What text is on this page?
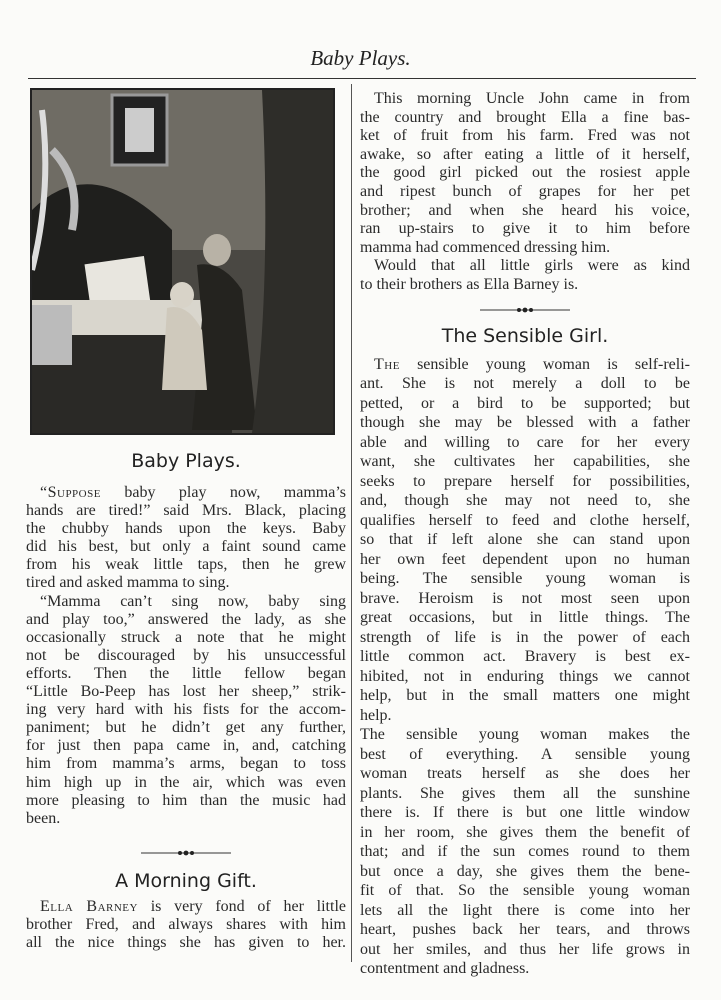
Baby Plays.
Baby Plays.
“Suppose baby play now, mamma’s
hands are tired!” said Mrs. Black, placing
the chubby hands upon the keys. Baby
did his best, but only a faint sound came
from his weak little taps, then he grew
tired and asked mamma to sing.
“Mamma can’t sing now, baby sing
and play too,” answered the lady, as she
occasionally struck a note that he might
not be discouraged by his unsuccessful
efforts. Then the little fellow began
“Little Bo-Peep has lost her sheep,” strik-
ing very hard with his fists for the accom-
paniment; but he didn’t get any further,
for just then papa came in, and, catching
him from mamma’s arms, began to toss
him high up in the air, which was even
more pleasing to him than the music had
been.
A Morning Gift.
Ella Barney is very fond of her little
brother Fred, and always shares with him
all the nice things she has given to her.
This morning Uncle John came in from
the country and brought Ella a fine bas-
ket of fruit from his farm. Fred was not
awake, so after eating a little of it herself,
the good girl picked out the rosiest apple
and ripest bunch of grapes for her pet
brother; and when she heard his voice,
ran up-stairs to give it to him before
mamma had commenced dressing him.
Would that all little girls were as kind
to their brothers as Ella Barney is.
The Sensible Girl.
The sensible young woman is self-reli-
ant. She is not merely a doll to be
petted, or a bird to be supported; but
though she may be blessed with a father
able and willing to care for her every
want, she cultivates her capabilities, she
seeks to prepare herself for possibilities,
and, though she may not need to, she
qualifies herself to feed and clothe herself,
so that if left alone she can stand upon
her own feet dependent upon no human
being. The sensible young woman is
brave. Heroism is not most seen upon
great occasions, but in little things. The
strength of life is in the power of each
little common act. Bravery is best ex-
hibited, not in enduring things we cannot
help, but in the small matters one might
help.
The sensible young woman makes the
best of everything. A sensible young
woman treats herself as she does her
plants. She gives them all the sunshine
there is. If there is but one little window
in her room, she gives them the benefit of
that; and if the sun comes round to them
but once a day, she gives them the bene-
fit of that. So the sensible young woman
lets all the light there is come into her
heart, pushes back her tears, and throws
out her smiles, and thus her life grows in
contentment and gladness.
